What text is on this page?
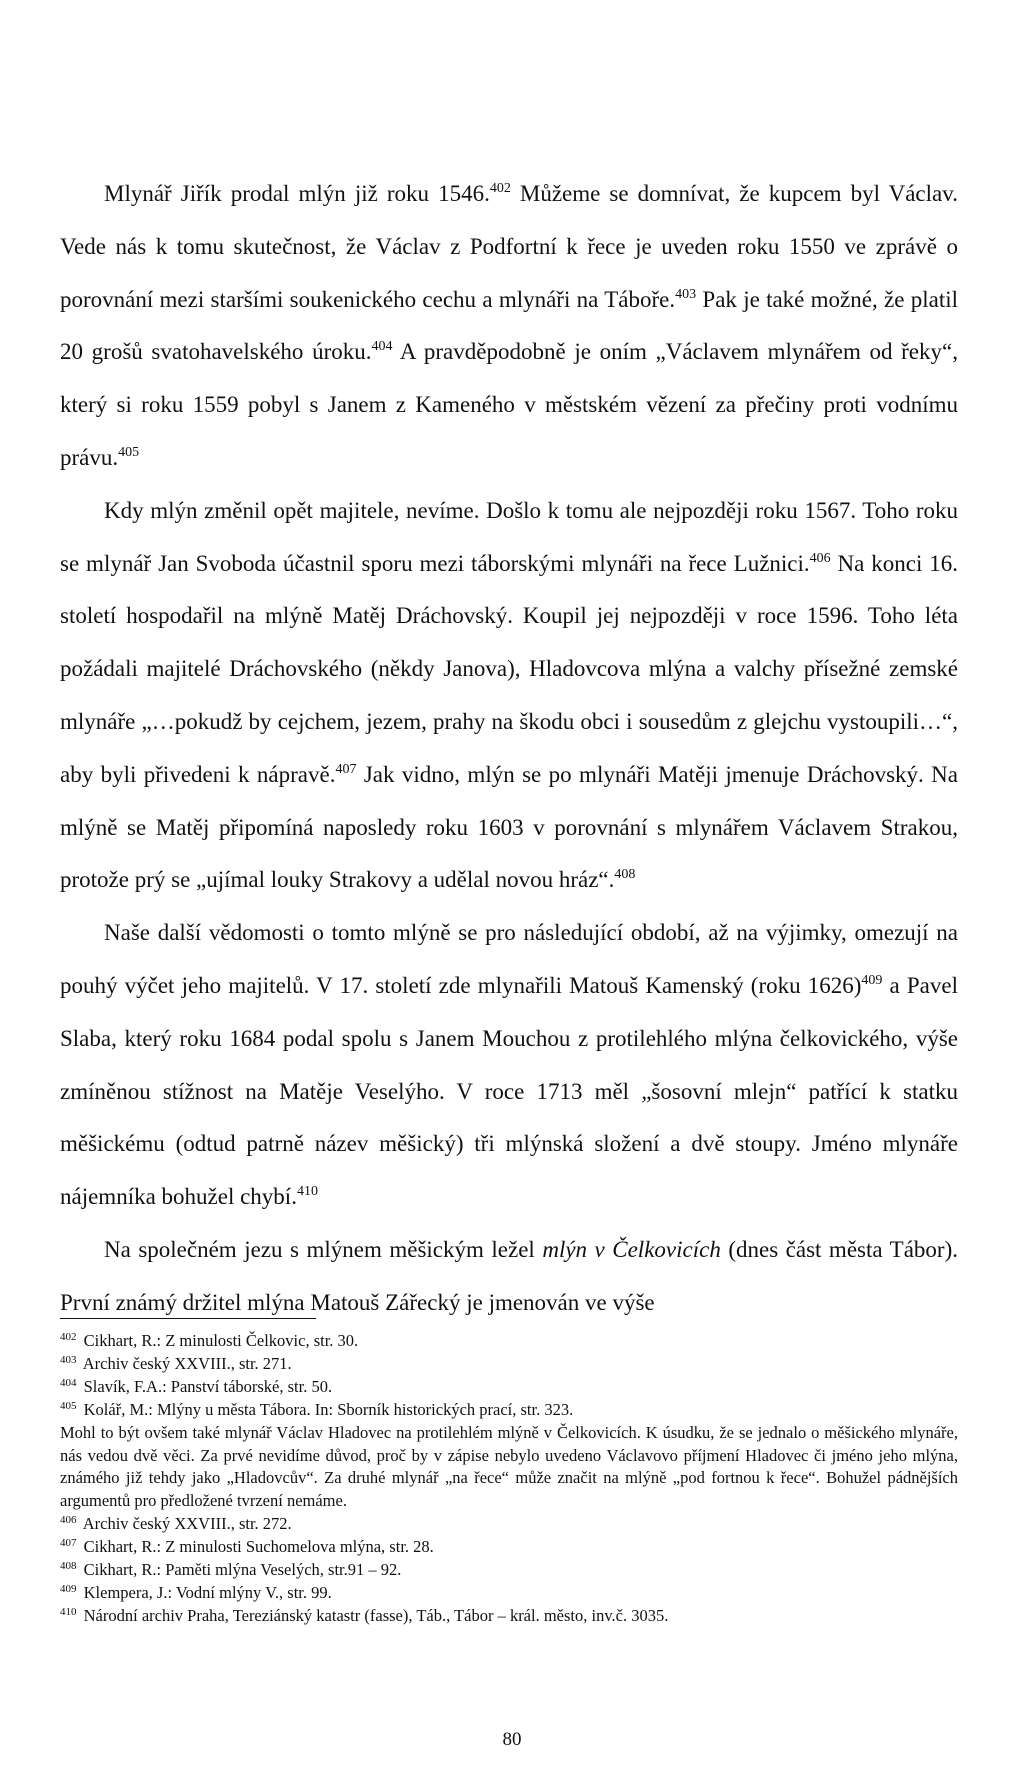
Mlynář Jiřík prodal mlýn již roku 1546.$^{402}$ Můžeme se domnívat, že kupcem byl Václav. Vede nás k tomu skutečnost, že Václav z Podfortní k řece je uveden roku 1550 ve zprávě o porovnání mezi staršími soukenického cechu a mlynáři na Táboře.$^{403}$ Pak je také možné, že platil 20 grošů svatohavelského úroku.$^{404}$ A pravděpodobně je oním „Václavem mlynářem od řeky“, který si roku 1559 pobyl s Janem z Kameného v městském vězení za přečiny proti vodnímu právu.$^{405}$

Kdy mlýn změnil opět majitele, nevíme. Došlo k tomu ale nejpozději roku 1567. Toho roku se mlynář Jan Svoboda účastnil sporu mezi táborskými mlynáři na řece Lužnici.$^{406}$ Na konci 16. století hospodařil na mlýně Matěj Dráchovský. Koupil jej nejpozději v roce 1596. Toho léta požádali majitelé Dráchovského (někdy Janova), Hladovcova mlýna a valchy přísežné zemské mlynáře „…pokudž by cejchem, jezem, prahy na škodu obci i sousedům z glejchu vystoupili…“, aby byli přivedeni k nápravě.$^{407}$ Jak vidno, mlýn se po mlynáři Matěji jmenuje Dráchovský. Na mlýně se Matěj připomíná naposledy roku 1603 v porovnání s mlynářem Václavem Strakou, protože prý se „ujímal louky Strakovy a udělal novou hráz“.$^{408}$

Naše další vědomosti o tomto mlýně se pro následující období, až na výjimky, omezují na pouhý výčet jeho majitelů. V 17. století zde mlynařili Matouš Kamenský (roku 1626)$^{409}$ a Pavel Slaba, který roku 1684 podal spolu s Janem Mouchou z protilehlého mlýna čelkovického, výše zmíněnou stížnost na Matěje Veselýho. V roce 1713 měl „šosovní mlejn“ patřící k statku měšickému (odtud patrně název měšický) tři mlýnská složení a dvě stoupy. Jméno mlynáře nájemníka bohužel chybí.$^{410}$

Na společném jezu s mlýnem měšickým ležel mlýn v Čelkovicích (dnes část města Tábor). První známý držitel mlýna Matouš Zářecký je jmenován ve výše

$^{402}$ Cikhart, R.: Z minulosti Čelkovic, str. 30.
$^{403}$ Archiv český XXVIII., str. 271.
$^{404}$ Slavík, F.A.: Panství táborské, str. 50.
$^{405}$ Kolář, M.: Mlýny u města Tábora. In: Sborník historických prací, str. 323.
Mohl to být ovšem také mlynář Václav Hladovec na protilehlém mlýně v Čelkovicích. K úsudku, že se jednalo o měšického mlynáře, nás vedou dvě věci. Za prvé nevidíme důvod, proč by v zápise nebylo uvedeno Václavovo příjmení Hladovec či jméno jeho mlýna, známého již tehdy jako „Hladovcův“. Za druhé mlynář „na řece“ může značit na mlýně „pod fortnou k řece“. Bohužel pádnějších argumentů pro předložené tvrzení nemáme.
$^{406}$ Archiv český XXVIII., str. 272.
$^{407}$ Cikhart, R.: Z minulosti Suchomelova mlýna, str. 28.
$^{408}$ Cikhart, R.: Paměti mlýna Veselých, str.91 – 92.
$^{409}$ Klempera, J.: Vodní mlýny V., str. 99.
$^{410}$ Národní archiv Praha, Tereziánský katastr (fasse), Táb., Tábor – král. město, inv.č. 3035.
80
